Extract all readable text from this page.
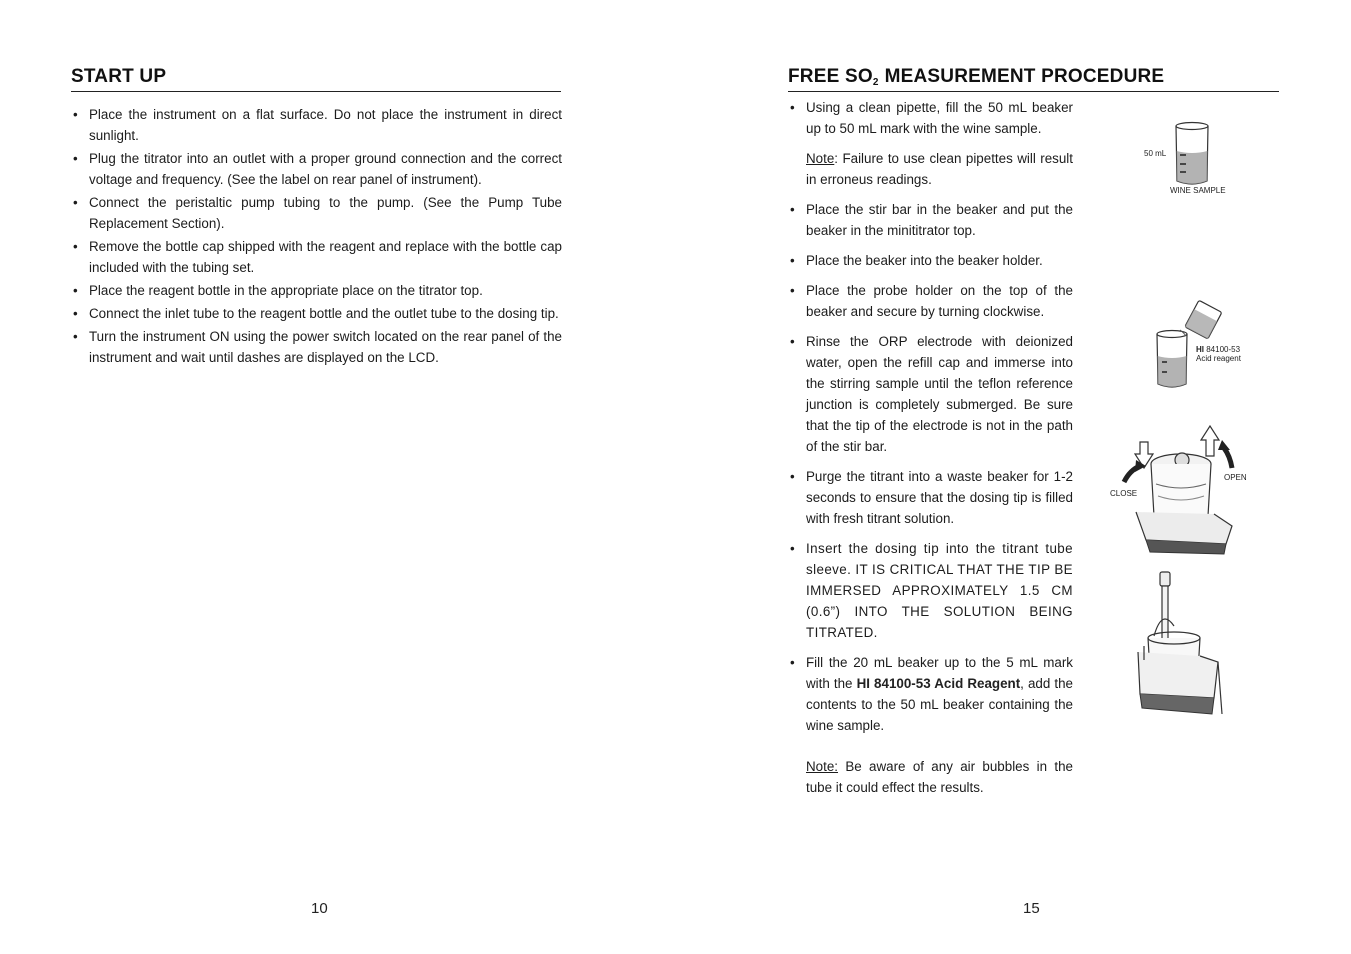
START UP
• Place the instrument on a flat surface. Do not place the instrument in direct sunlight.
• Plug the titrator into an outlet with a proper ground connection and the correct voltage and frequency. (See the label on rear panel of instrument).
• Connect the peristaltic pump tubing to the pump. (See the Pump Tube Replacement Section).
• Remove the bottle cap shipped with the reagent and replace with the bottle cap included with the tubing set.
• Place the reagent bottle in the appropriate place on the titrator top.
• Connect the inlet tube to the reagent bottle and the outlet tube to the dosing tip.
• Turn the instrument ON using the power switch located on the rear panel of the instrument and wait until dashes are displayed on the LCD.
10
FREE $SO_2$ MEASUREMENT PROCEDURE
• Using a clean pipette, fill the 50 mL beaker up to 50 mL mark with the wine sample.
Note: Failure to use clean pipettes will result in erroneus readings.
• Place the stir bar in the beaker and put the beaker in the minititrator top.
• Place the beaker into the beaker holder.
• Place the probe holder on the top of the beaker and secure by turning clockwise.
• Rinse the ORP electrode with deionized water, open the refill cap and immerse into the stirring sample until the teflon reference junction is completely submerged. Be sure that the tip of the electrode is not in the path of the stir bar.
• Purge the titrant into a waste beaker for 1-2 seconds to ensure that the dosing tip is filled with fresh titrant solution.
• Insert the dosing tip into the titrant tube sleeve. IT IS CRITICAL THAT THE TIP BE IMMERSED APPROXIMATELY 1.5 CM (0.6”) INTO THE SOLUTION BEING TITRATED.
• Fill the 20 mL beaker up to the 5 mL mark with the HI 84100-53 Acid Reagent, add the contents to the 50 mL beaker containing the wine sample.
• Note: Be aware of any air bubbles in the tube it could effect the results.
50 mL
WINE SAMPLE
HI 84100-53
Acid reagent
CLOSE
OPEN
15
